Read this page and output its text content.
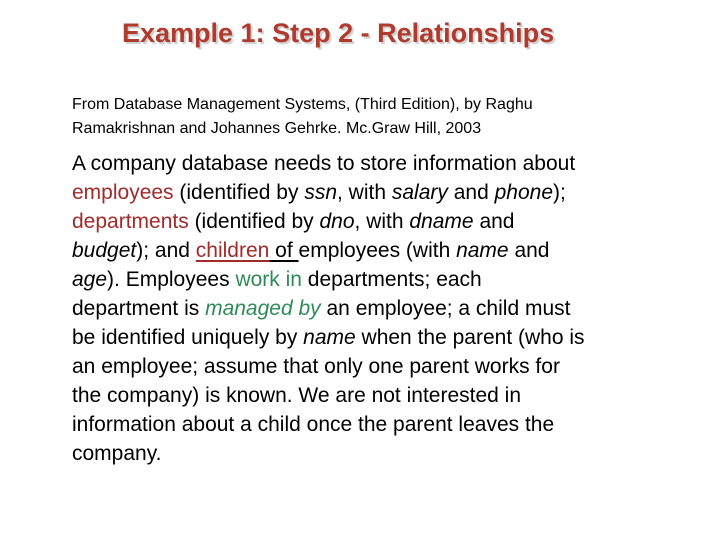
Example 1: Step 2 - Relationships
From Database Management Systems, (Third Edition), by Raghu
Ramakrishnan and Johannes Gehrke. Mc.Graw Hill, 2003
A company database needs to store information about
employees (identified by ssn, with salary and phone);
departments (identified by dno, with dname and
budget); and children of employees (with name and
age). Employees work in departments; each
department is managed by an employee; a child must
be identified uniquely by name when the parent (who is
an employee; assume that only one parent works for
the company) is known. We are not interested in
information about a child once the parent leaves the
company.
